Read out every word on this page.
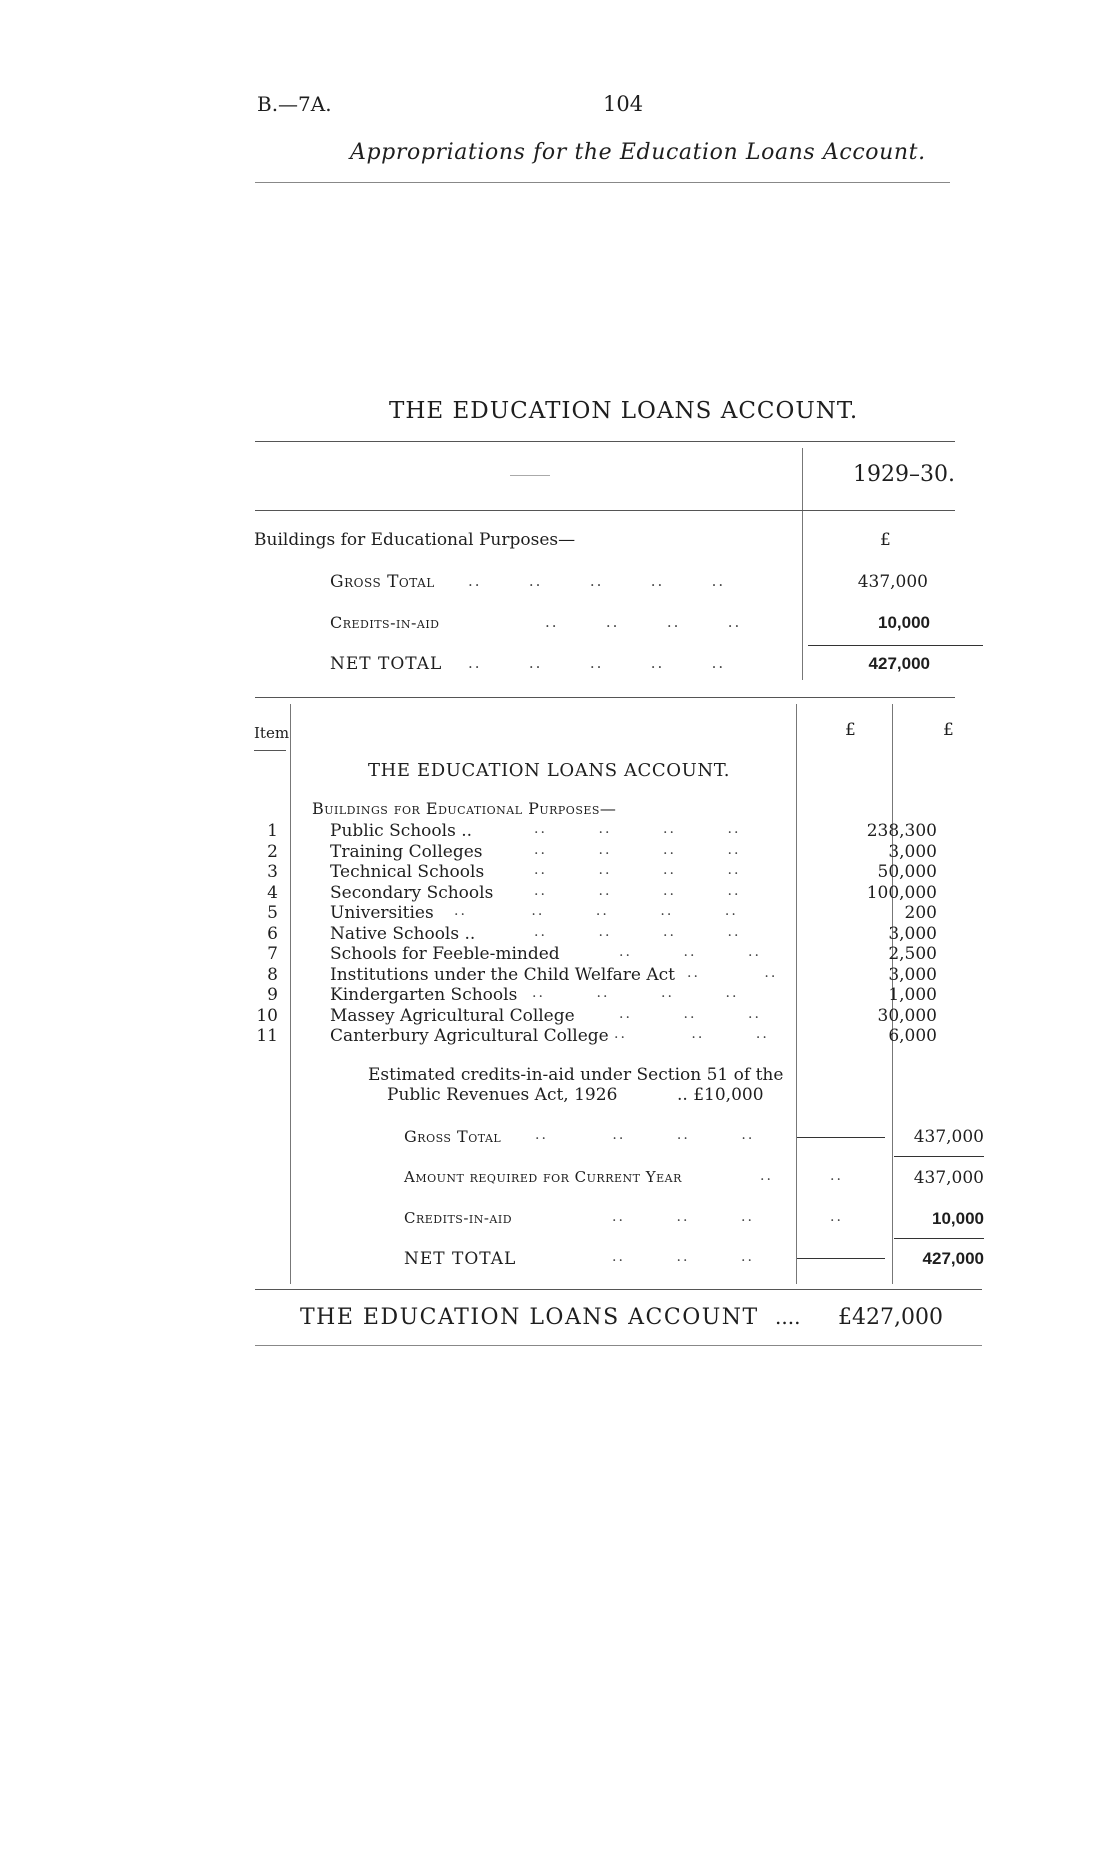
B.—7A.	104
Appropriations for the Education Loans Account.
THE EDUCATION LOANS ACCOUNT.
1929–30.
£
Buildings for Educational Purposes—
Gross Total ..       ..       ..       ..       ..	437,000
Credits-in-aid	..       ..       ..       ..	10,000
NET TOTAL ..       ..       ..       ..       ..	427,000
Item	£	£
THE EDUCATION LOANS ACCOUNT.
Buildings for Educational Purposes—
1	Public Schools ..	..        ..        ..        ..	238,300
2	Training Colleges	..        ..        ..        ..	3,000
3	Technical Schools	..        ..        ..        ..	50,000
4	Secondary Schools	..        ..        ..        ..	100,000
5	Universities ..          ..        ..        ..        ..	200
6	Native Schools ..	..        ..        ..        ..	3,000
7	Schools for Feeble-minded	..        ..        ..	2,500
8	Institutions under the Child Welfare Act ..          ..	3,000
9	Kindergarten Schools ..        ..        ..        ..	1,000
10	Massey Agricultural College	..        ..        ..	30,000
11	Canterbury Agricultural College ..          ..        ..	6,000
Estimated credits-in-aid under Section 51 of the
Public Revenues Act, 1926	.. £10,000
Gross Total ..          ..        ..        ..	437,000
Amount required for Current Year	..	..	437,000
Credits-in-aid	..        ..        ..	..	10,000
NET TOTAL	..        ..        ..	427,000
THE EDUCATION LOANS ACCOUNT .... £427,000
